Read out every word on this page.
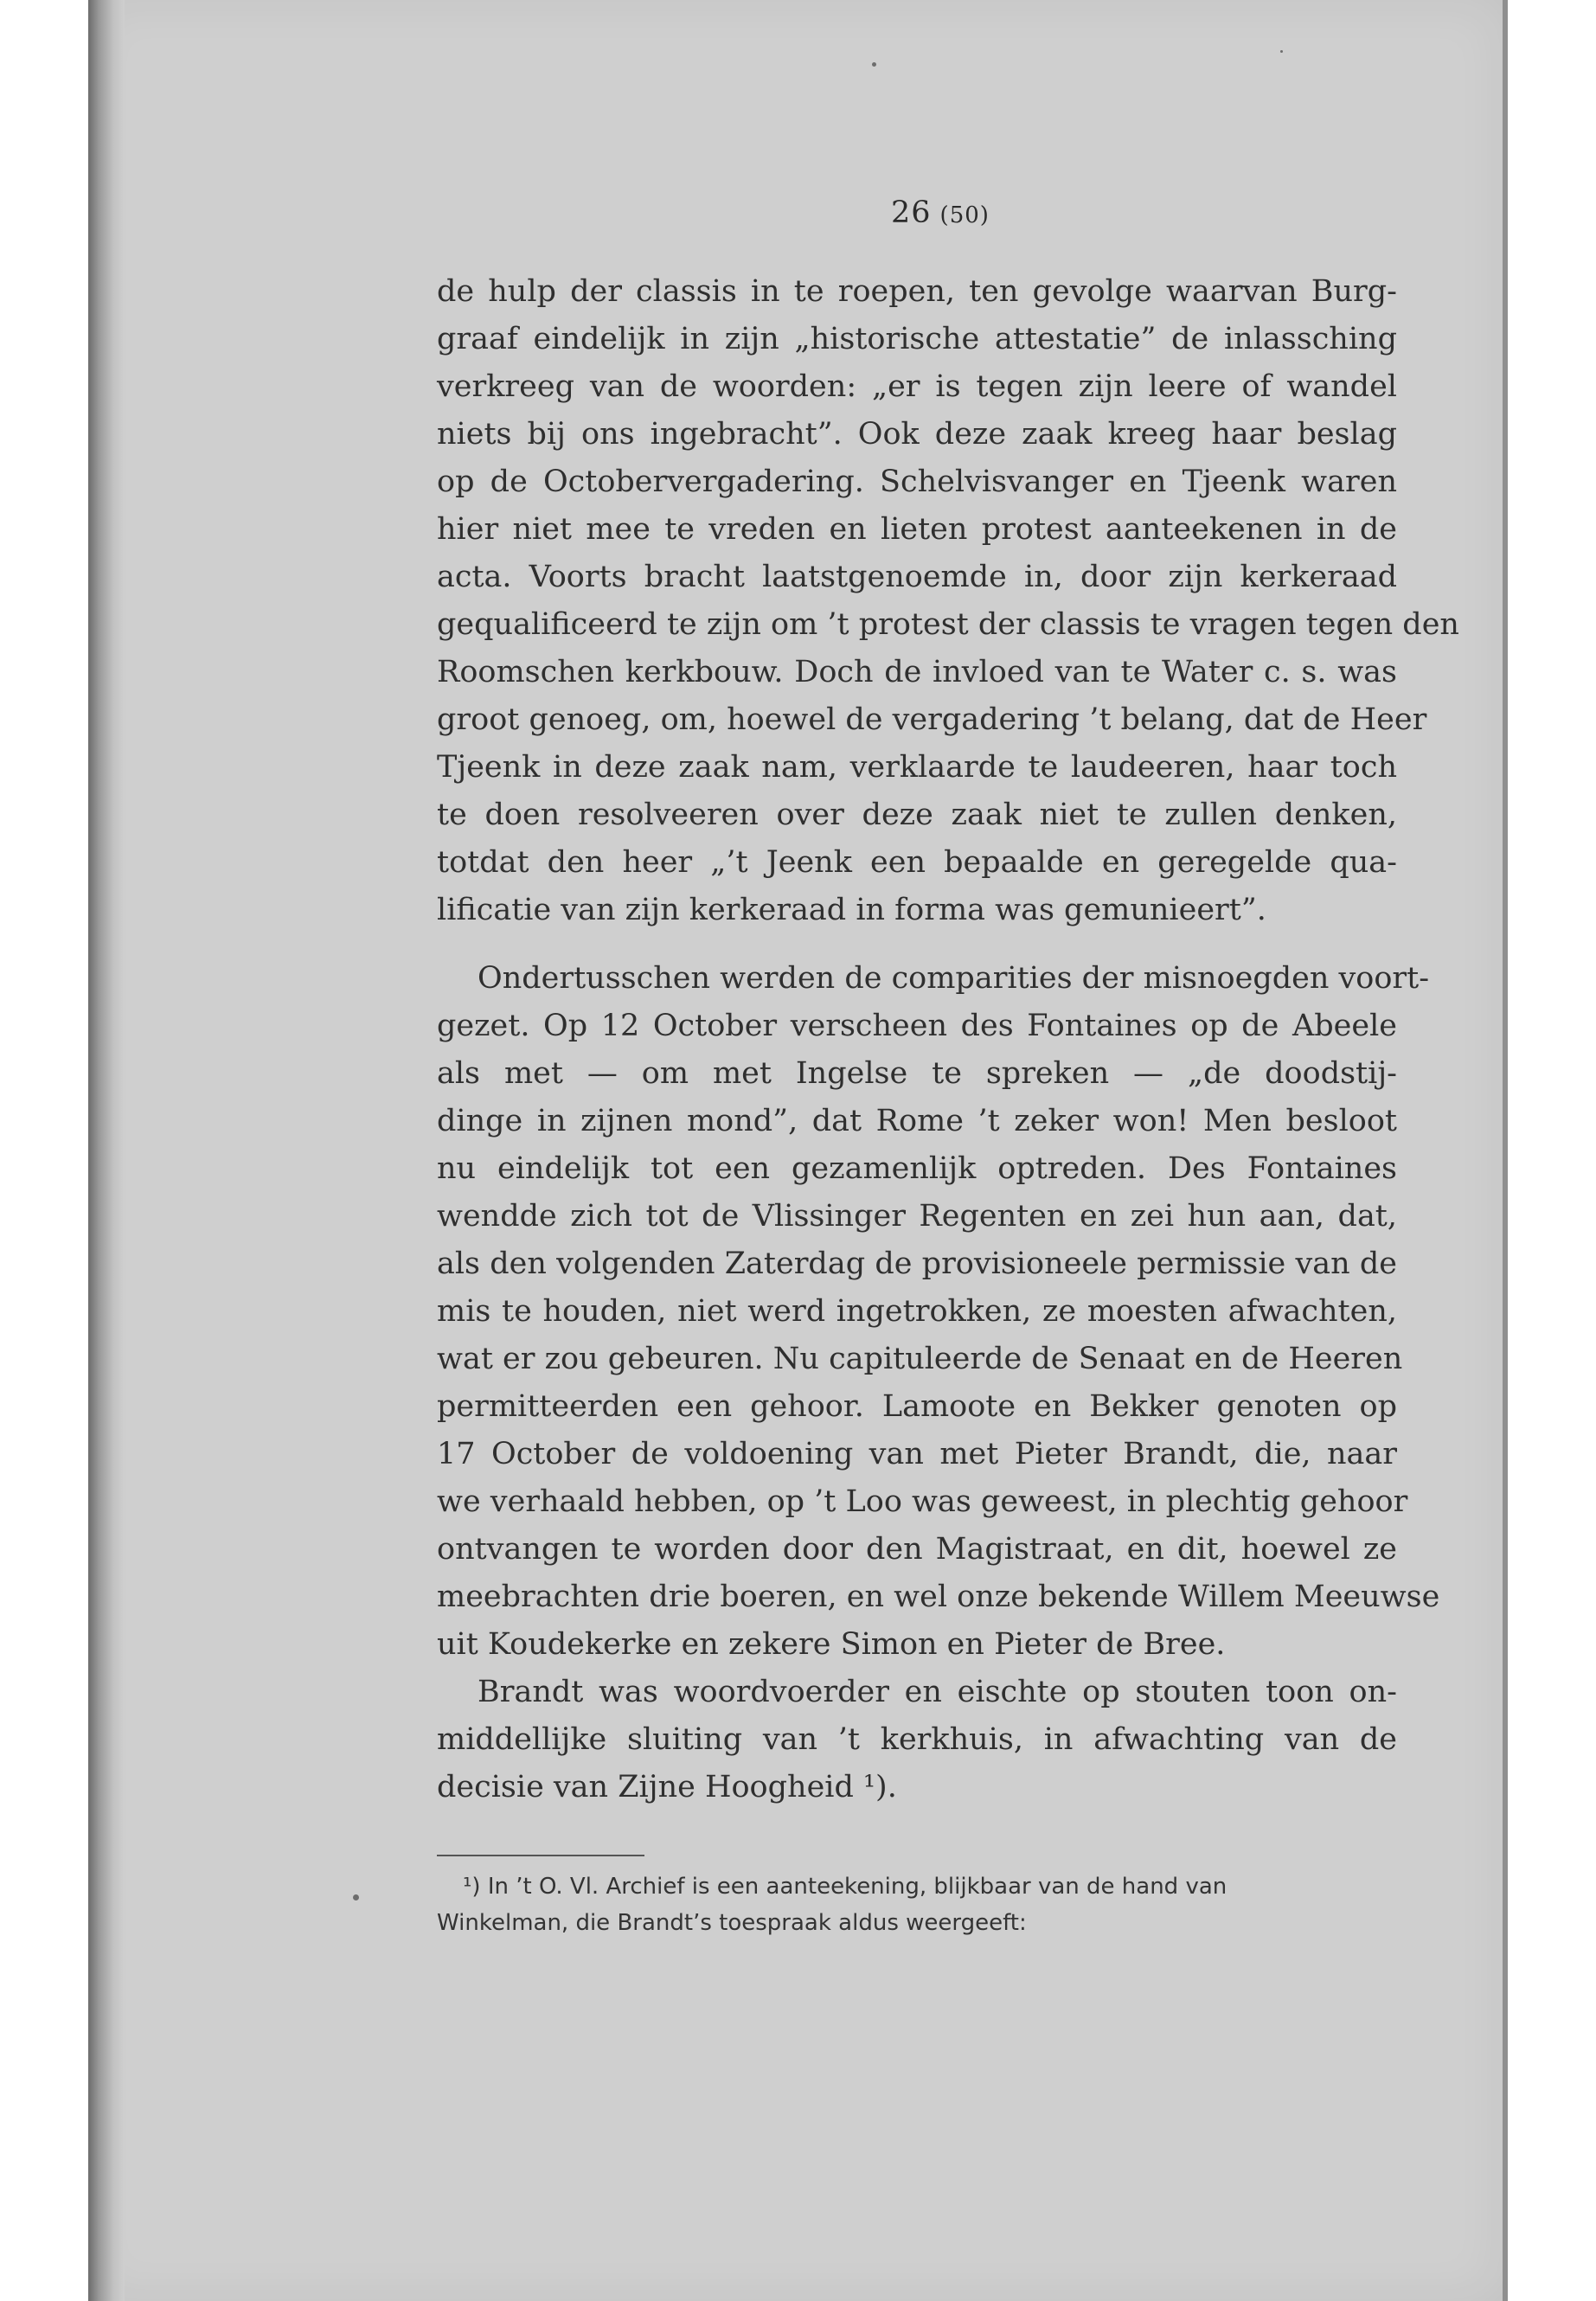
26 (50)
de hulp der classis in te roepen, ten gevolge waarvan Burg-
graaf eindelijk in zijn „historische attestatie” de inlassching
verkreeg van de woorden: „er is tegen zijn leere of wandel
niets bij ons ingebracht”. Ook deze zaak kreeg haar beslag
op de Octobervergadering. Schelvisvanger en Tjeenk waren
hier niet mee te vreden en lieten protest aanteekenen in de
acta. Voorts bracht laatstgenoemde in, door zijn kerkeraad
gequalificeerd te zijn om ’t protest der classis te vragen tegen den
Roomschen kerkbouw. Doch de invloed van te Water c. s. was
groot genoeg, om, hoewel de vergadering ’t belang, dat de Heer
Tjeenk in deze zaak nam, verklaarde te laudeeren, haar toch
te doen resolveeren over deze zaak niet te zullen denken,
totdat den heer „’t Jeenk een bepaalde en geregelde qua-
lificatie van zijn kerkeraad in forma was gemunieert”.
Ondertusschen werden de comparities der misnoegden voort-
gezet. Op 12 October verscheen des Fontaines op de Abeele
als met — om met Ingelse te spreken — „de doodstij-
dinge in zijnen mond”, dat Rome ’t zeker won! Men besloot
nu eindelijk tot een gezamenlijk optreden. Des Fontaines
wendde zich tot de Vlissinger Regenten en zei hun aan, dat,
als den volgenden Zaterdag de provisioneele permissie van de
mis te houden, niet werd ingetrokken, ze moesten afwachten,
wat er zou gebeuren. Nu capituleerde de Senaat en de Heeren
permitteerden een gehoor. Lamoote en Bekker genoten op
17 October de voldoening van met Pieter Brandt, die, naar
we verhaald hebben, op ’t Loo was geweest, in plechtig gehoor
ontvangen te worden door den Magistraat, en dit, hoewel ze
meebrachten drie boeren, en wel onze bekende Willem Meeuwse
uit Koudekerke en zekere Simon en Pieter de Bree.
Brandt was woordvoerder en eischte op stouten toon on-
middellijke sluiting van ’t kerkhuis, in afwachting van de
decisie van Zijne Hoogheid ¹).
¹) In ’t O. Vl. Archief is een aanteekening, blijkbaar van de hand van
Winkelman, die Brandt’s toespraak aldus weergeeft:
